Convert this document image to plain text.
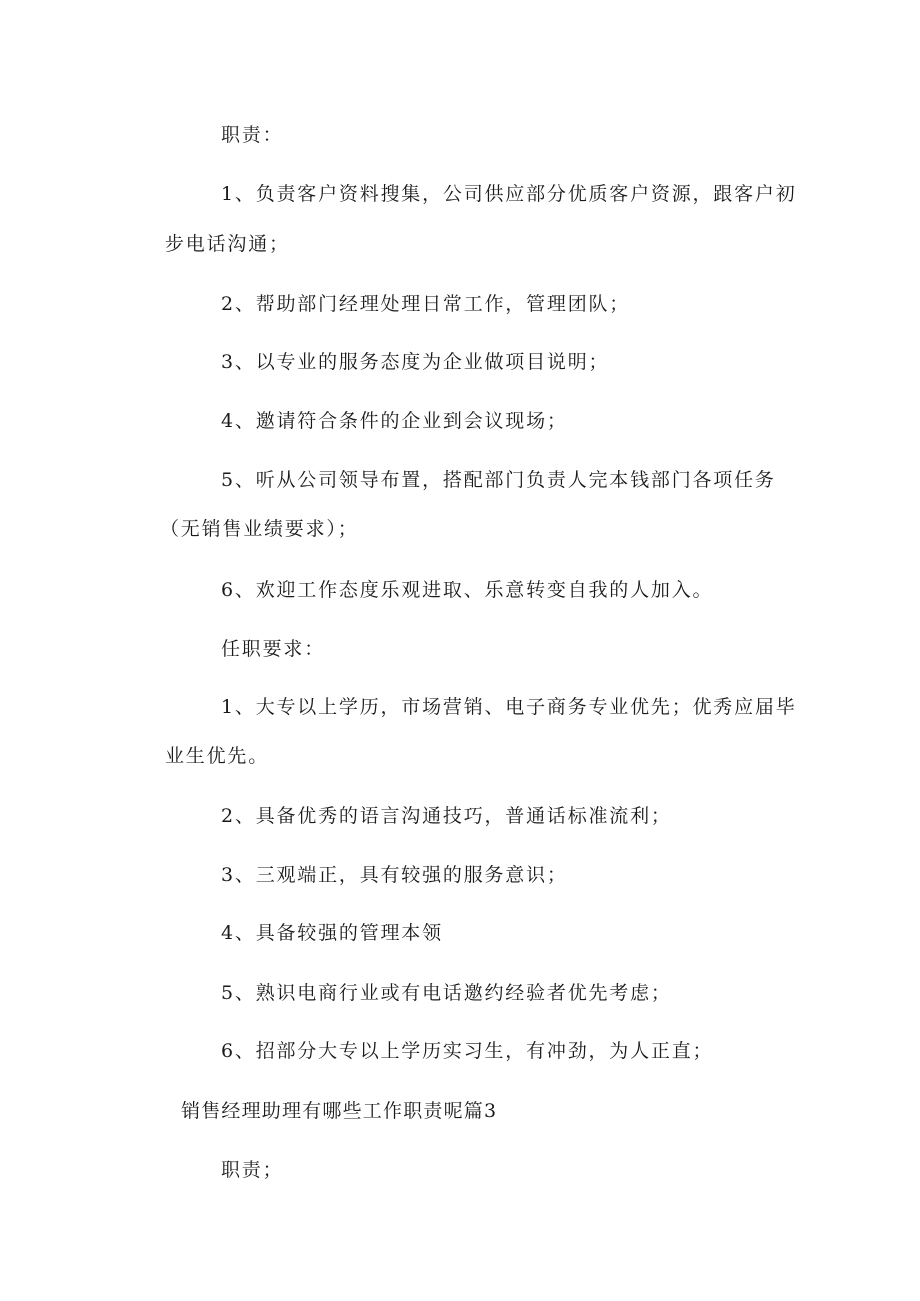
职责：

1、负责客户资料搜集，公司供应部分优质客户资源，跟客户初

步电话沟通；

2、帮助部门经理处理日常工作，管理团队；

3、以专业的服务态度为企业做项目说明；

4、邀请符合条件的企业到会议现场；

5、听从公司领导布置，搭配部门负责人完本钱部门各项任务

（无销售业绩要求）；

6、欢迎工作态度乐观进取、乐意转变自我的人加入。

任职要求：

1、大专以上学历，市场营销、电子商务专业优先；优秀应届毕

业生优先。

2、具备优秀的语言沟通技巧，普通话标准流利；

3、三观端正，具有较强的服务意识；

4、具备较强的管理本领

5、熟识电商行业或有电话邀约经验者优先考虑；

6、招部分大专以上学历实习生，有冲劲，为人正直；

销售经理助理有哪些工作职责呢篇3

职责；
